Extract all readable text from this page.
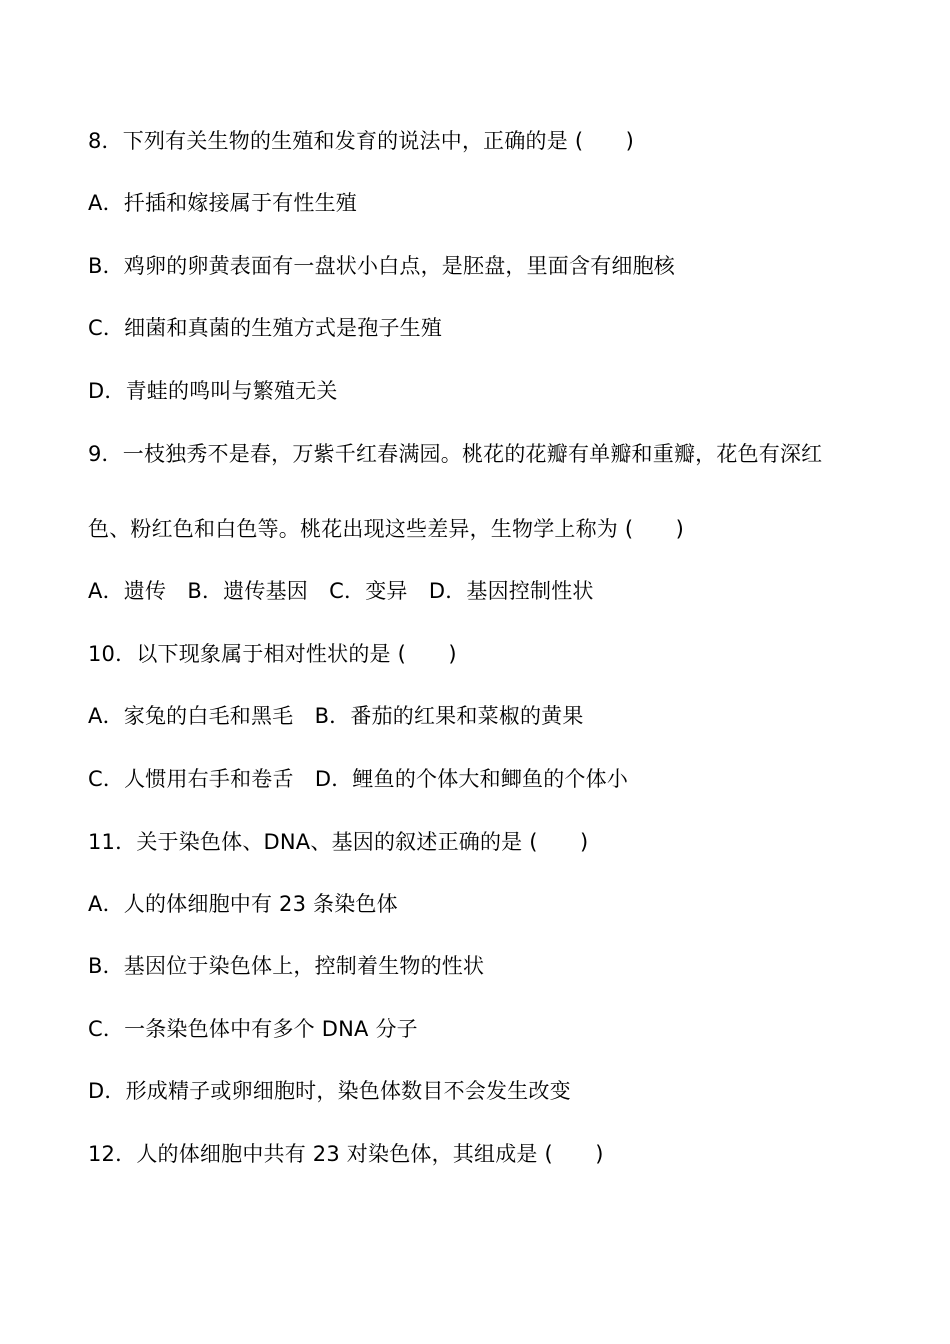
8．下列有关生物的生殖和发育的说法中，正确的是 (　　)
A．扦插和嫁接属于有性生殖
B．鸡卵的卵黄表面有一盘状小白点，是胚盘，里面含有细胞核
C．细菌和真菌的生殖方式是孢子生殖
D．青蛙的鸣叫与繁殖无关
9．一枝独秀不是春，万紫千红春满园。桃花的花瓣有单瓣和重瓣，花色有深红
色、粉红色和白色等。桃花出现这些差异，生物学上称为 (　　)
A．遗传　B．遗传基因　C．变异　D．基因控制性状
10．以下现象属于相对性状的是 (　　)
A．家兔的白毛和黑毛　B．番茄的红果和菜椒的黄果
C．人惯用右手和卷舌　D．鲤鱼的个体大和鲫鱼的个体小
11．关于染色体、DNA、基因的叙述正确的是 (　　)
A．人的体细胞中有 23 条染色体
B．基因位于染色体上，控制着生物的性状
C．一条染色体中有多个 DNA 分子
D．形成精子或卵细胞时，染色体数目不会发生改变
12．人的体细胞中共有 23 对染色体，其组成是 (　　)
